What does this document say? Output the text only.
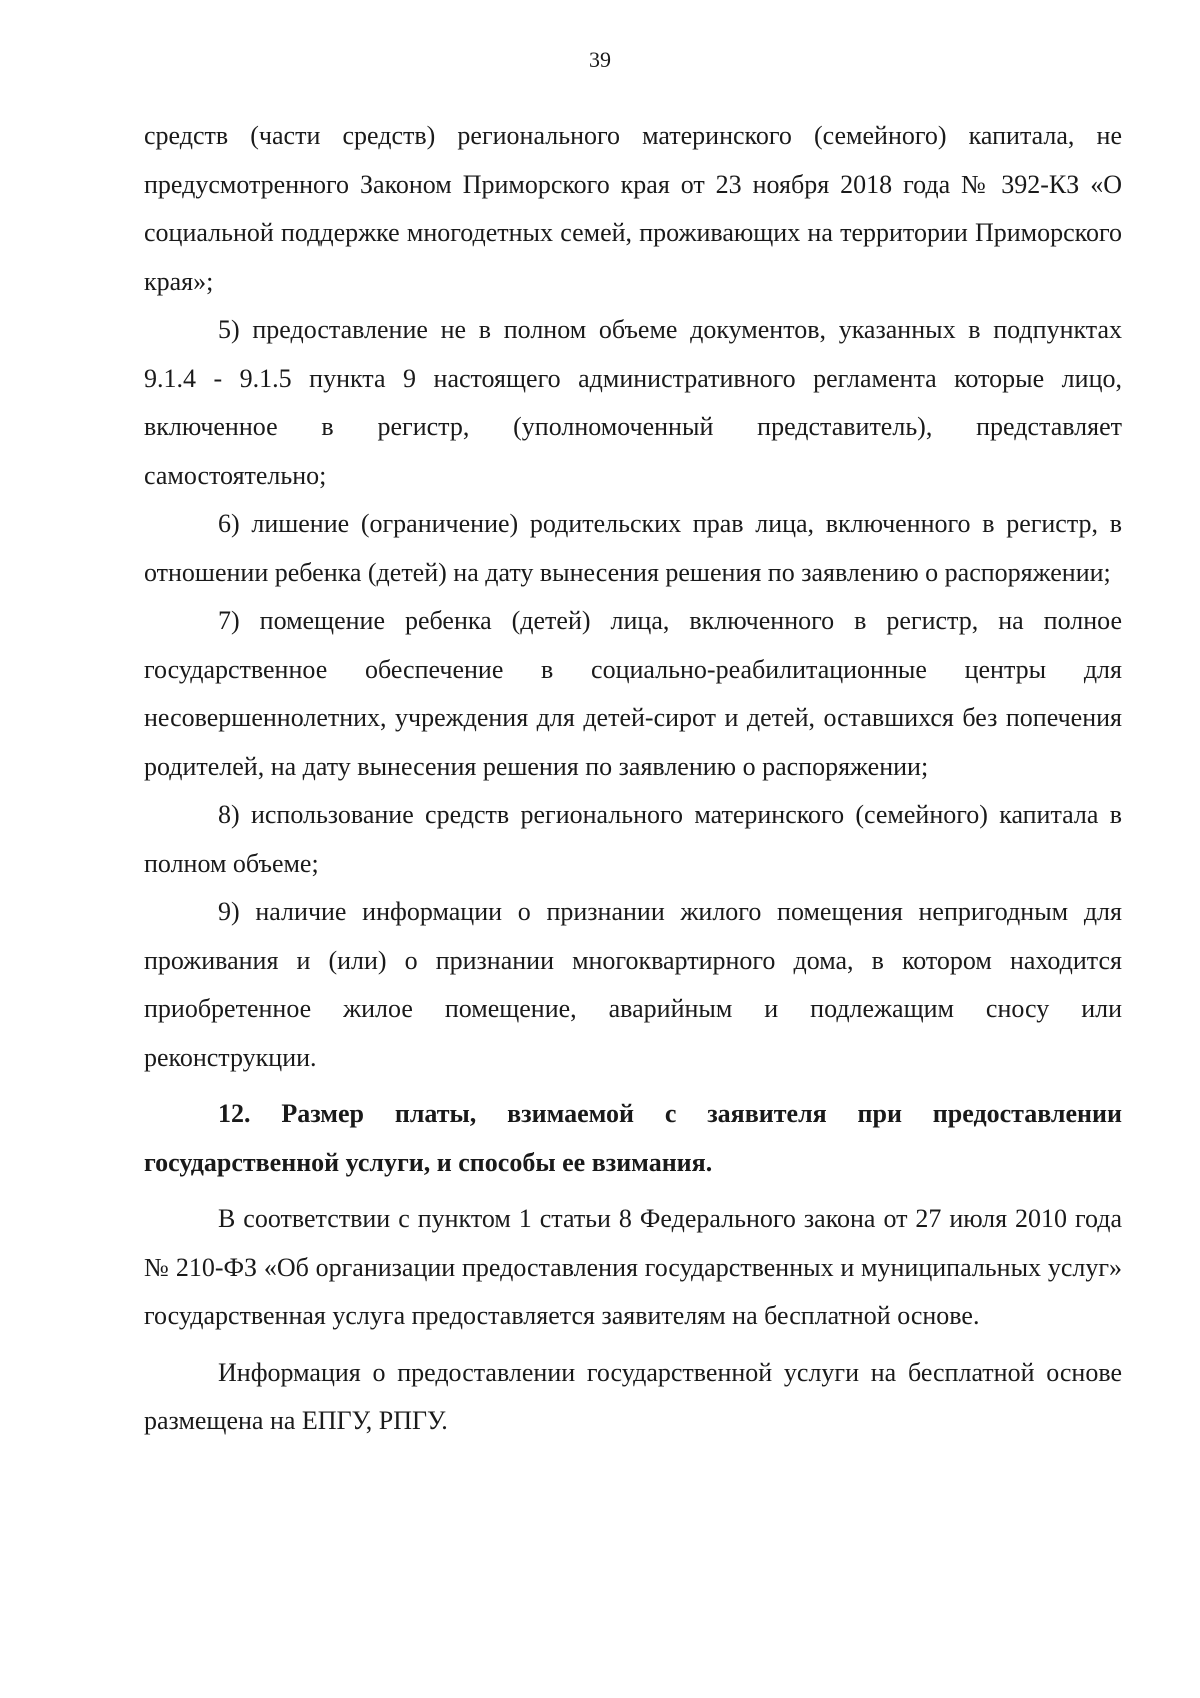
39

средств (части средств) регионального материнского (семейного) капитала, не предусмотренного Законом Приморского края от 23 ноября 2018 года № 392-КЗ «О социальной поддержке многодетных семей, проживающих на территории Приморского края»;

5) предоставление не в полном объеме документов, указанных в подпунктах 9.1.4 - 9.1.5 пункта 9 настоящего административного регламента которые лицо, включенное в регистр, (уполномоченный представитель), представляет самостоятельно;

6) лишение (ограничение) родительских прав лица, включенного в регистр, в отношении ребенка (детей) на дату вынесения решения по заявлению о распоряжении;

7) помещение ребенка (детей) лица, включенного в регистр, на полное государственное обеспечение в социально-реабилитационные центры для несовершеннолетних, учреждения для детей-сирот и детей, оставшихся без попечения родителей, на дату вынесения решения по заявлению о распоряжении;

8) использование средств регионального материнского (семейного) капитала в полном объеме;

9) наличие информации о признании жилого помещения непригодным для проживания и (или) о признании многоквартирного дома, в котором находится приобретенное жилое помещение, аварийным и подлежащим сносу или реконструкции.

12. Размер платы, взимаемой с заявителя при предоставлении государственной услуги, и способы ее взимания.

В соответствии с пунктом 1 статьи 8 Федерального закона от 27 июля 2010 года № 210-ФЗ «Об организации предоставления государственных и муниципальных услуг» государственная услуга предоставляется заявителям на бесплатной основе.

Информация о предоставлении государственной услуги на бесплатной основе размещена на ЕПГУ, РПГУ.
